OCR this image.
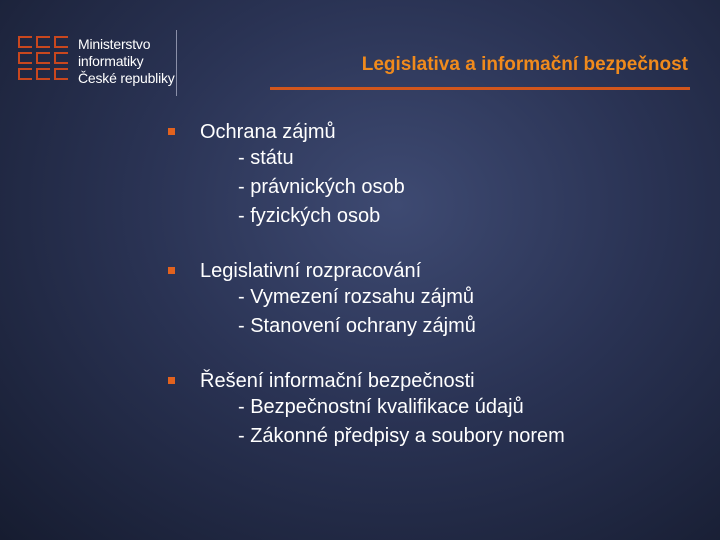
Ministerstvo
informatiky
České republiky
Legislativa a informační bezpečnost
Ochrana zájmů
- státu
- právnických osob
- fyzických osob
Legislativní rozpracování
- Vymezení rozsahu zájmů
- Stanovení ochrany zájmů
Řešení informační bezpečnosti
- Bezpečnostní kvalifikace údajů
- Zákonné předpisy a soubory norem
